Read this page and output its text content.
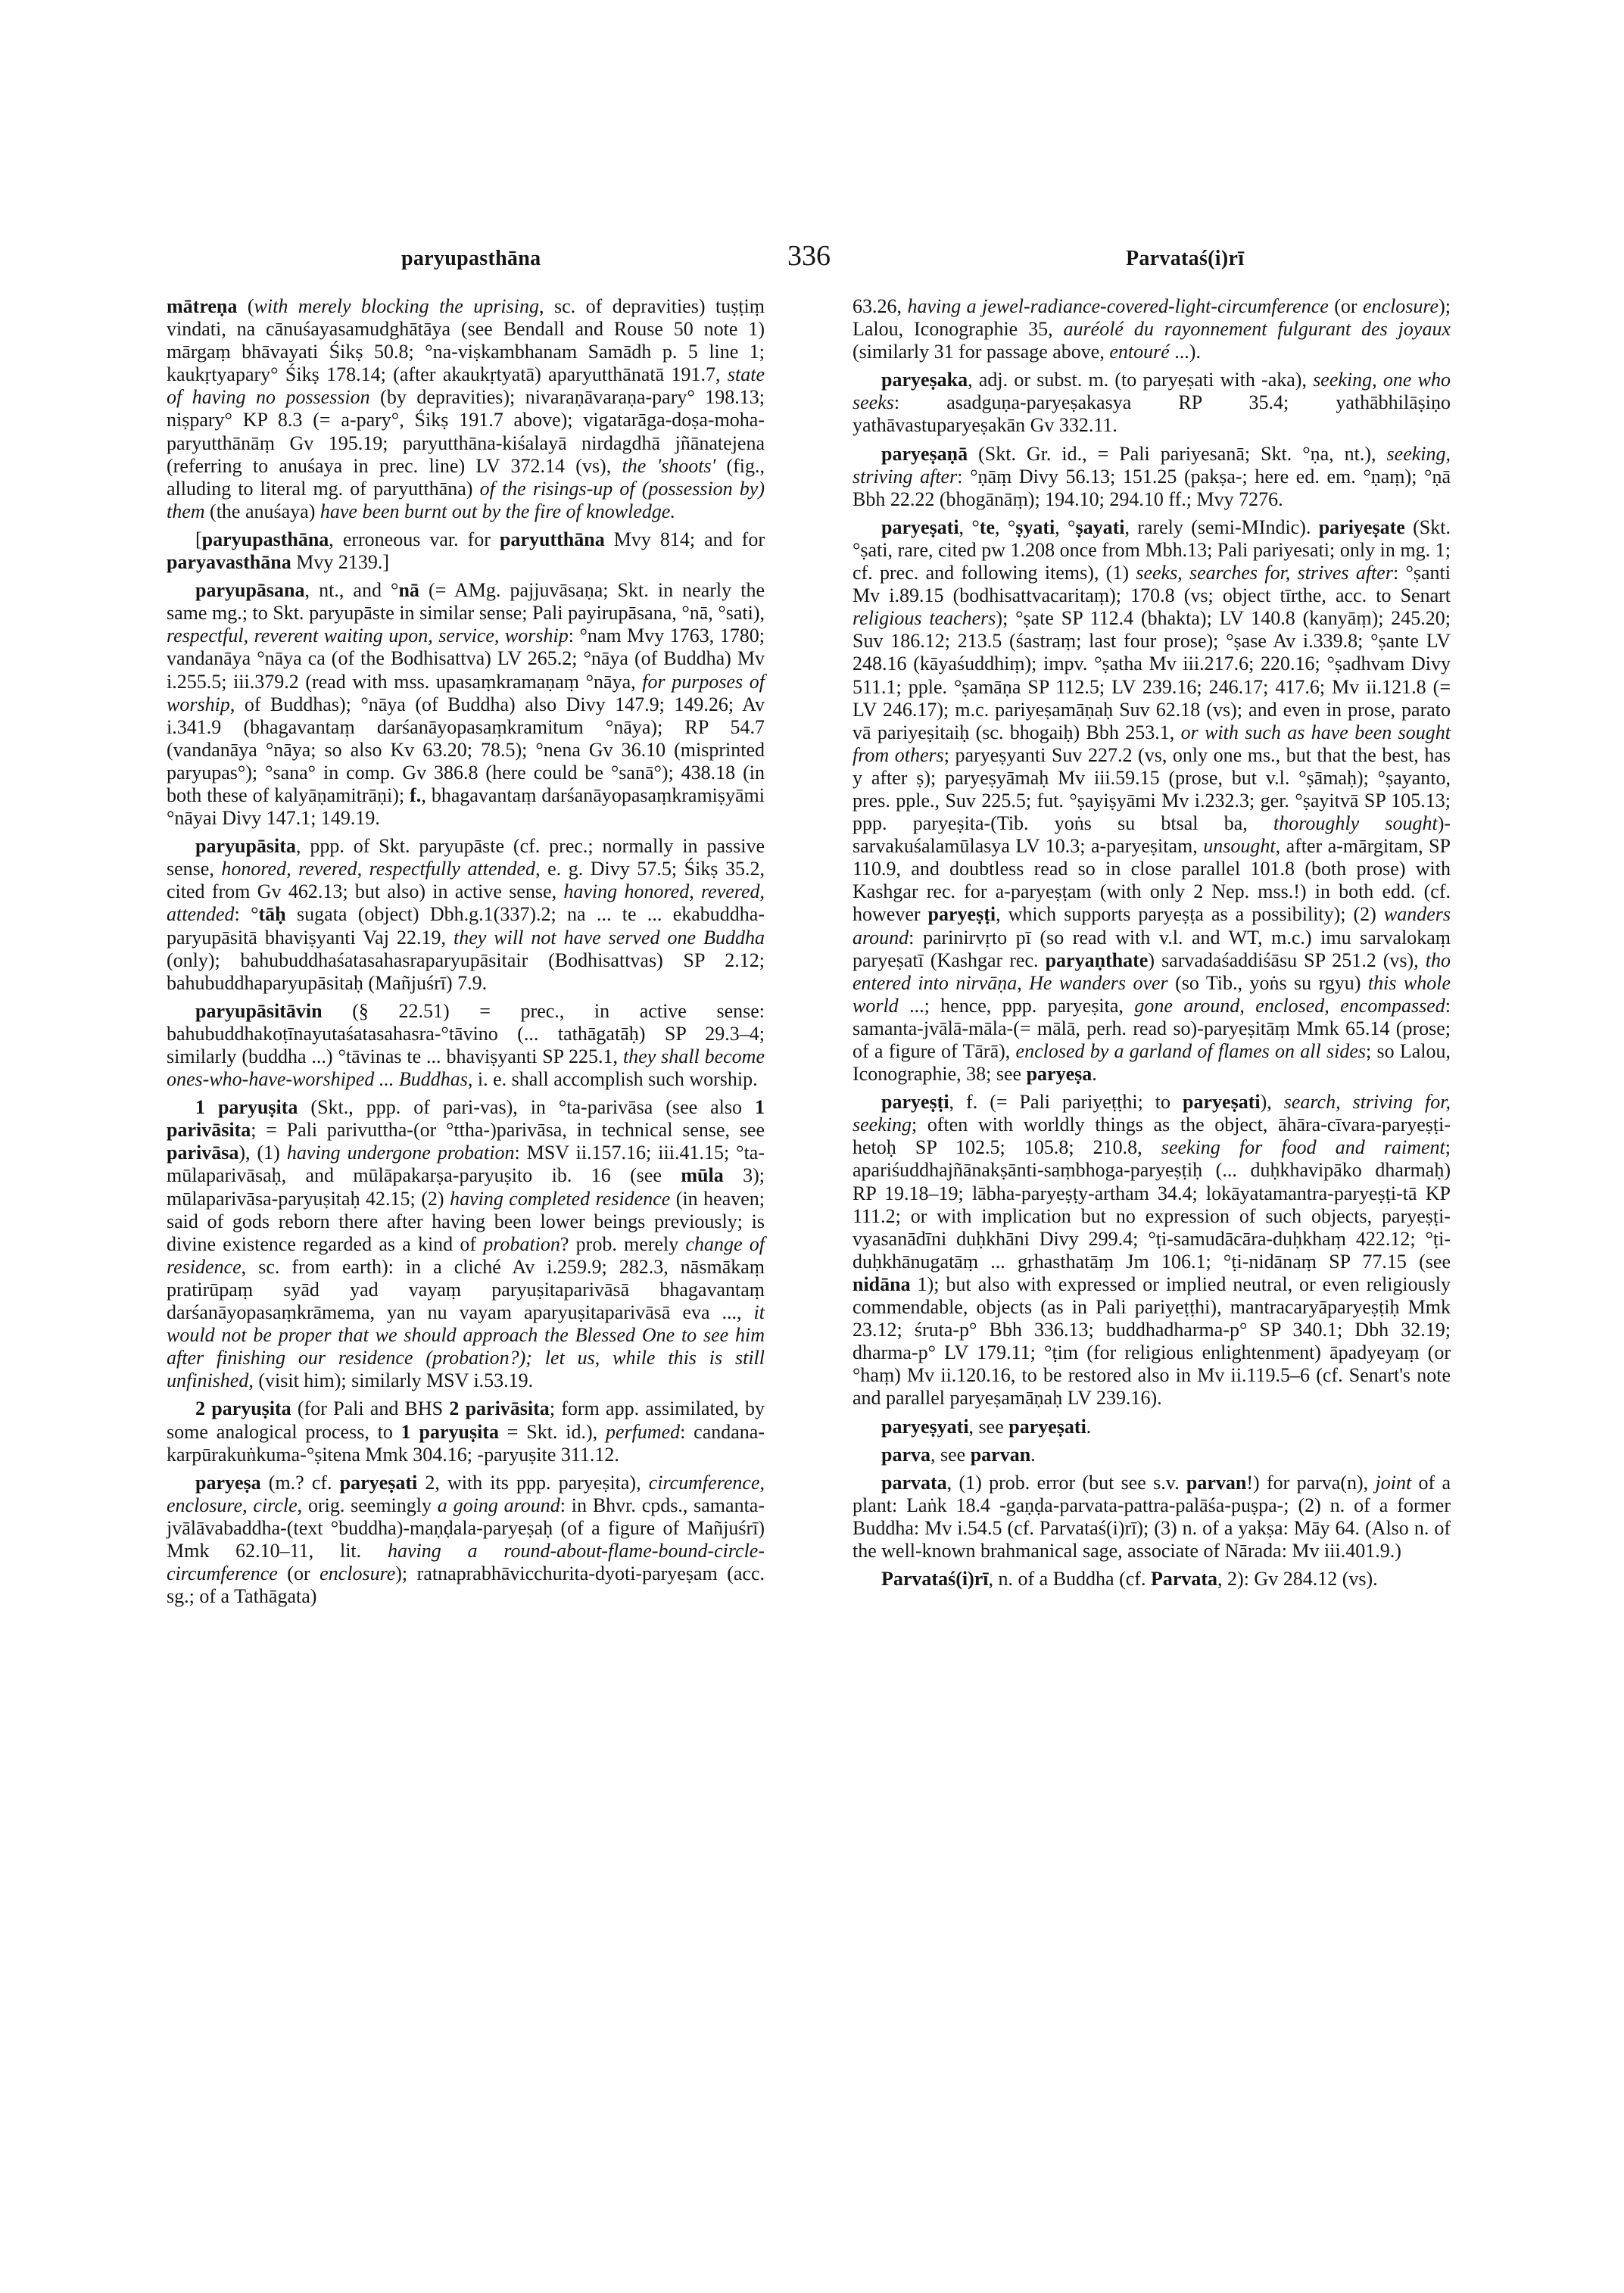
paryupasthāna	336	Parvataś(i)rī

mātreṇa (with merely blocking the uprising, sc. of depravities) tuṣṭiṃ vindati, na cānuśayasamudghātāya (see Bendall and Rouse 50 note 1) mārgaṃ bhāvayati Śikṣ 50.8; °na-viṣkambhanam Samādh p. 5 line 1; kaukṛtyapary° Śikṣ 178.14; (after akaukṛtyatā) aparyutthānatā 191.7, state of having no possession (by depravities); nivaraṇāvaraṇa-pary° 198.13; niṣpary° KP 8.3 (= a-pary°, Śikṣ 191.7 above); vigatarāga-doṣa-moha-paryutthānāṃ Gv 195.19; paryutthāna-kiśalayā nirdagdhā jñānatejena (referring to anuśaya in prec. line) LV 372.14 (vs), the 'shoots' (fig., alluding to literal mg. of paryutthāna) of the risings-up of (possession by) them (the anuśaya) have been burnt out by the fire of knowledge.

[paryupasthāna, erroneous var. for paryutthāna Mvy 814; and for paryavasthāna Mvy 2139.]

paryupāsana, nt., and °nā (= AMg. pajjuvāsaṇa; Skt. in nearly the same mg.; to Skt. paryupāste in similar sense; Pali payirupāsana, °nā, °sati), respectful, reverent waiting upon, service, worship: °nam Mvy 1763, 1780; vandanāya °nāya ca (of the Bodhisattva) LV 265.2; °nāya (of Buddha) Mv i.255.5; iii.379.2 (read with mss. upasaṃkramaṇaṃ °nāya, for purposes of worship, of Buddhas); °nāya (of Buddha) also Divy 147.9; 149.26; Av i.341.9 (bhagavantaṃ darśanāyopasaṃkramitum °nāya); RP 54.7 (vandanāya °nāya; so also Kv 63.20; 78.5); °nena Gv 36.10 (misprinted paryupas°); °sana° in comp. Gv 386.8 (here could be °sanā°); 438.18 (in both these of kalyāṇamitrāṇi); f., bhagavantaṃ darśanāyopasaṃkramiṣyāmi °nāyai Divy 147.1; 149.19.

paryupāsita, ppp. of Skt. paryupāste (cf. prec.; normally in passive sense, honored, revered, respectfully attended, e. g. Divy 57.5; Śikṣ 35.2, cited from Gv 462.13; but also) in active sense, having honored, revered, attended: °tāḥ sugata (object) Dbh.g.1(337).2; na ... te ... ekabuddha-paryupāsitā bhaviṣyanti Vaj 22.19, they will not have served one Buddha (only); bahubuddhaśatasahasraparyupāsitair (Bodhisattvas) SP 2.12; bahubuddhaparyupāsitaḥ (Mañjuśrī) 7.9.

paryupāsitāvin (§ 22.51) = prec., in active sense: bahubuddhakoṭīnayutaśatasahasra-°tāvino (... tathāgatāḥ) SP 29.3–4; similarly (buddha ...) °tāvinas te ... bhaviṣyanti SP 225.1, they shall become ones-who-have-worshiped ... Buddhas, i. e. shall accomplish such worship.

1 paryuṣita (Skt., ppp. of pari-vas), in °ta-parivāsa (see also 1 parivāsita; = Pali parivuttha-(or °ttha-)parivāsa, in technical sense, see parivāsa), (1) having undergone probation: MSV ii.157.16; iii.41.15; °ta-mūlaparivāsaḥ, and mūlāpakarṣa-paryuṣito ib. 16 (see mūla 3); mūlaparivāsa-paryuṣitaḥ 42.15; (2) having completed residence (in heaven; said of gods reborn there after having been lower beings previously; is divine existence regarded as a kind of probation? prob. merely change of residence, sc. from earth): in a cliché Av i.259.9; 282.3, nāsmākaṃ pratirūpaṃ syād yad vayaṃ paryuṣitaparivāsā bhagavantaṃ darśanāyopasaṃkrāmema, yan nu vayam aparyuṣitaparivāsā eva ..., it would not be proper that we should approach the Blessed One to see him after finishing our residence (probation?); let us, while this is still unfinished, (visit him); similarly MSV i.53.19.

2 paryuṣita (for Pali and BHS 2 parivāsita; form app. assimilated, by some analogical process, to 1 paryuṣita = Skt. id.), perfumed: candana-karpūrakuṅkuma-°ṣitena Mmk 304.16; -paryuṣite 311.12.

paryeṣa (m.? cf. paryeṣati 2, with its ppp. paryeṣita), circumference, enclosure, circle, orig. seemingly a going around: in Bhvr. cpds., samanta-jvālāvabaddha-(text °buddha)-maṇḍala-paryeṣaḥ (of a figure of Mañjuśrī) Mmk 62.10–11, lit. having a round-about-flame-bound-circle-circumference (or enclosure); ratnaprabhāvicchurita-dyoti-paryeṣam (acc. sg.; of a Tathāgata)

63.26, having a jewel-radiance-covered-light-circumference (or enclosure); Lalou, Iconographie 35, auréolé du rayonnement fulgurant des joyaux (similarly 31 for passage above, entouré ...).

paryeṣaka, adj. or subst. m. (to paryeṣati with -aka), seeking, one who seeks: asadguṇa-paryeṣakasya RP 35.4; yathābhilāṣiṇo yathāvastuparyeṣakān Gv 332.11.

paryeṣaṇā (Skt. Gr. id., = Pali pariyesanā; Skt. °ṇa, nt.), seeking, striving after: °ṇāṃ Divy 56.13; 151.25 (pakṣa-; here ed. em. °ṇaṃ); °ṇā Bbh 22.22 (bhogānāṃ); 194.10; 294.10 ff.; Mvy 7276.

paryeṣati, °te, °ṣyati, °ṣayati, rarely (semi-MIndic). pariyeṣate (Skt. °ṣati, rare, cited pw 1.208 once from Mbh.13; Pali pariyesati; only in mg. 1; cf. prec. and following items), (1) seeks, searches for, strives after: °ṣanti Mv i.89.15 (bodhisattvacaritaṃ); 170.8 (vs; object tīrthe, acc. to Senart religious teachers); °ṣate SP 112.4 (bhakta); LV 140.8 (kanyāṃ); 245.20; Suv 186.12; 213.5 (śastraṃ; last four prose); °ṣase Av i.339.8; °ṣante LV 248.16 (kāyaśuddhiṃ); impv. °ṣatha Mv iii.217.6; 220.16; °ṣadhvam Divy 511.1; pple. °ṣamāṇa SP 112.5; LV 239.16; 246.17; 417.6; Mv ii.121.8 (= LV 246.17); m.c. pariyeṣamāṇaḥ Suv 62.18 (vs); and even in prose, parato vā pariyeṣitaiḥ (sc. bhogaiḥ) Bbh 253.1, or with such as have been sought from others; paryeṣyanti Suv 227.2 (vs, only one ms., but that the best, has y after ṣ); paryeṣyāmaḥ Mv iii.59.15 (prose, but v.l. °ṣāmaḥ); °ṣayanto, pres. pple., Suv 225.5; fut. °ṣayiṣyāmi Mv i.232.3; ger. °ṣayitvā SP 105.13; ppp. paryeṣita-(Tib. yoṅs su btsal ba, thoroughly sought)-sarvakuśalamūlasya LV 10.3; a-paryeṣitam, unsought, after a-mārgitam, SP 110.9, and doubtless read so in close parallel 101.8 (both prose) with Kashgar rec. for a-paryeṣṭam (with only 2 Nep. mss.!) in both edd. (cf. however paryeṣṭi, which supports paryeṣṭa as a possibility); (2) wanders around: parinirvṛto pī (so read with v.l. and WT, m.c.) imu sarvalokaṃ paryeṣatī (Kashgar rec. paryaṇthate) sarvadaśaddiśāsu SP 251.2 (vs), tho entered into nirvāṇa, He wanders over (so Tib., yoṅs su rgyu) this whole world ...; hence, ppp. paryeṣita, gone around, enclosed, encompassed: samanta-jvālā-māla-(= mālā, perh. read so)-paryeṣitāṃ Mmk 65.14 (prose; of a figure of Tārā), enclosed by a garland of flames on all sides; so Lalou, Iconographie, 38; see paryeṣa.

paryeṣṭi, f. (= Pali pariyeṭṭhi; to paryeṣati), search, striving for, seeking; often with worldly things as the object, āhāra-cīvara-paryeṣṭi-hetoḥ SP 102.5; 105.8; 210.8, seeking for food and raiment; apariśuddhajñānakṣānti-saṃbhoga-paryeṣṭiḥ (... duḥkhavipāko dharmaḥ) RP 19.18–19; lābha-paryeṣṭy-artham 34.4; lokāyatamantra-paryeṣṭi-tā KP 111.2; or with implication but no expression of such objects, paryeṣṭi-vyasanādīni duḥkhāni Divy 299.4; °ṭi-samudācāra-duḥkhaṃ 422.12; °ṭi-duḥkhānugatāṃ ... gṛhasthatāṃ Jm 106.1; °ṭi-nidānaṃ SP 77.15 (see nidāna 1); but also with expressed or implied neutral, or even religiously commendable, objects (as in Pali pariyeṭṭhi), mantracaryāparyeṣṭiḥ Mmk 23.12; śruta-p° Bbh 336.13; buddhadharma-p° SP 340.1; Dbh 32.19; dharma-p° LV 179.11; °ṭim (for religious enlightenment) āpadyeyaṃ (or °haṃ) Mv ii.120.16, to be restored also in Mv ii.119.5–6 (cf. Senart's note and parallel paryeṣamāṇaḥ LV 239.16).

paryeṣyati, see paryeṣati.

parva, see parvan.

parvata, (1) prob. error (but see s.v. parvan!) for parva(n), joint of a plant: Laṅk 18.4 -gaṇḍa-parvata-pattra-palāśa-puṣpa-; (2) n. of a former Buddha: Mv i.54.5 (cf. Parvataś(i)rī); (3) n. of a yakṣa: Māy 64. (Also n. of the well-known brahmanical sage, associate of Nārada: Mv iii.401.9.)

Parvataś(i)rī, n. of a Buddha (cf. Parvata, 2): Gv 284.12 (vs).
